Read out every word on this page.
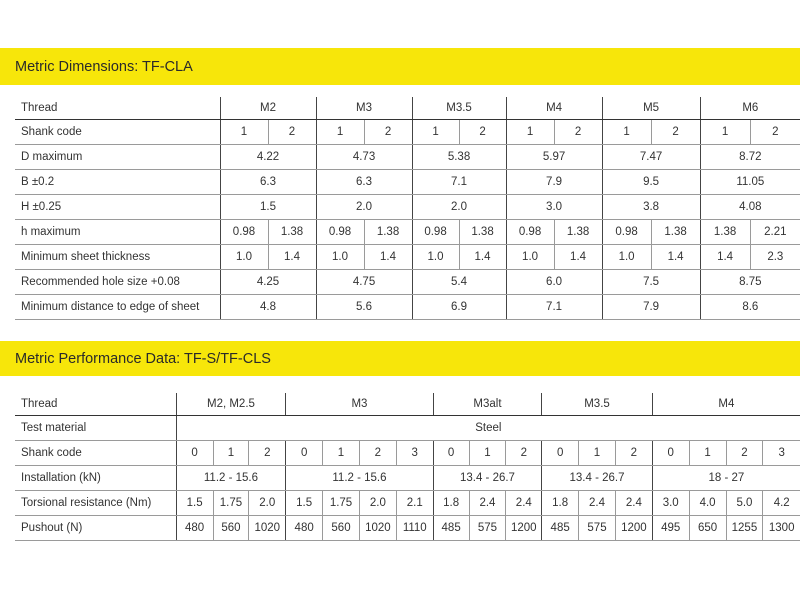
Metric Dimensions: TF-CLA
Thread	M2		M3		M3.5		M4		M5		M6	
Shank code	1	2	1	2	1	2	1	2	1	2	1	2
D maximum	4.22		4.73		5.38		5.97		7.47		8.72	
B ±0.2	6.3		6.3		7.1		7.9		9.5		11.05	
H ±0.25	1.5		2.0		2.0		3.0		3.8		4.08	
h maximum	0.98	1.38	0.98	1.38	0.98	1.38	0.98	1.38	0.98	1.38	1.38	2.21
Minimum sheet thickness	1.0	1.4	1.0	1.4	1.0	1.4	1.0	1.4	1.0	1.4	1.4	2.3
Recommended hole size +0.08	4.25		4.75		5.4		6.0		7.5		8.75	
Minimum distance to edge of sheet	4.8		5.6		6.9		7.1		7.9		8.6	
Metric Performance Data: TF-S/TF-CLS
Thread	M2, M2.5			M3				M3alt			M3.5			M4			
Test material	Steel																
Shank code	0	1	2	0	1	2	3	0	1	2	0	1	2	0	1	2	3
Installation (kN)	11.2 - 15.6			11.2 - 15.6				13.4 - 26.7			13.4 - 26.7			18 - 27			
Torsional resistance (Nm)	1.5	1.75	2.0	1.5	1.75	2.0	2.1	1.8	2.4	2.4	1.8	2.4	2.4	3.0	4.0	5.0	4.2
Pushout (N)	480	560	1020	480	560	1020	1110	485	575	1200	485	575	1200	495	650	1255	1300
